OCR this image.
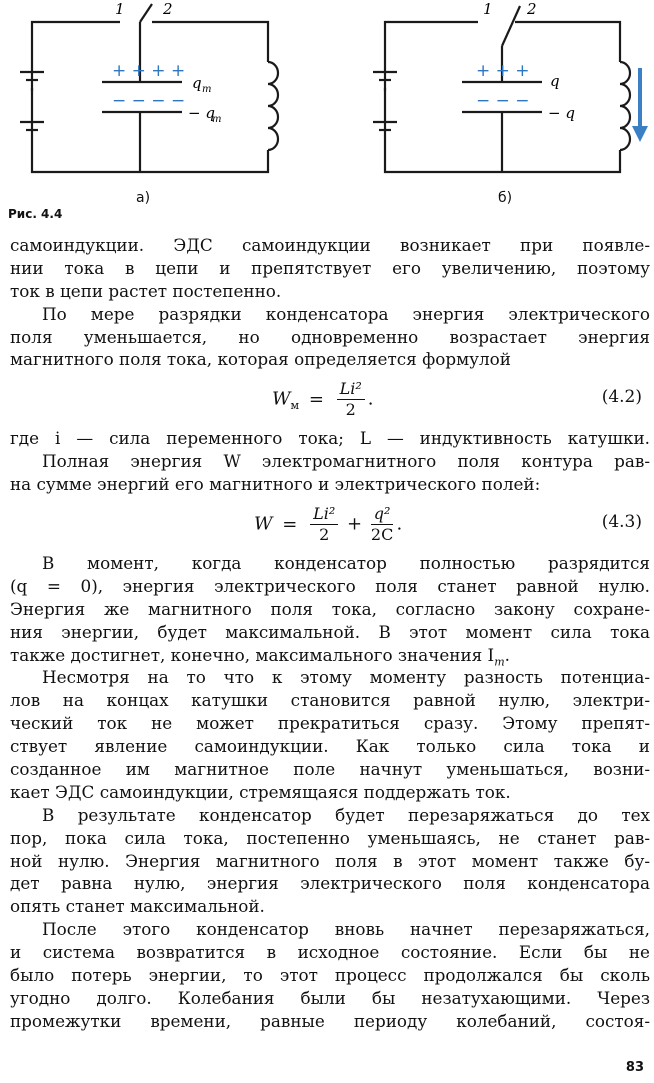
+ + + +
− − − −
+ + +
− − −
1	2	1 2
q m
− q
m
q
− q
а)	б)
Рис. 4.4
самоиндукции. ЭДС самоиндукции возникает при появле-
нии тока в цепи и препятствует его увеличению, поэтому
ток в цепи растет постепенно.
По мере разрядки конденсатора энергия электрического
поля уменьшается, но одновременно возрастает энергия
магнитного поля тока, которая определяется формулой
$W_м = \frac{\text{Li²}}{2}$ .	(4.2)
где i — сила переменного тока; L — индуктивность катушки.
Полная энергия W электромагнитного поля контура рав-
на сумме энергий его магнитного и электрического полей:
$W = \frac{\text{Li²}}{2} + \frac{\text{q²}}{2C}$ .	(4.3)
В момент, когда конденсатор полностью разрядится
(q = 0), энергия электрического поля станет равной нулю.
Энергия же магнитного поля тока, согласно закону сохране-
ния энергии, будет максимальной. В этот момент сила тока
также достигнет, конечно, максимального значения $I_m$.
Несмотря на то что к этому моменту разность потенциа-
лов на концах катушки становится равной нулю, электри-
ческий ток не может прекратиться сразу. Этому препят-
ствует явление самоиндукции. Как только сила тока и
созданное им магнитное поле начнут уменьшаться, возни-
кает ЭДС самоиндукции, стремящаяся поддержать ток.
В результате конденсатор будет перезаряжаться до тех
пор, пока сила тока, постепенно уменьшаясь, не станет рав-
ной нулю. Энергия магнитного поля в этот момент также бу-
дет равна нулю, энергия электрического поля конденсатора
опять станет максимальной.
После этого конденсатор вновь начнет перезаряжаться,
и система возвратится в исходное состояние. Если бы не
было потерь энергии, то этот процесс продолжался бы сколь
угодно долго. Колебания были бы незатухающими. Через
промежутки времени, равные периоду колебаний, состоя-
83
